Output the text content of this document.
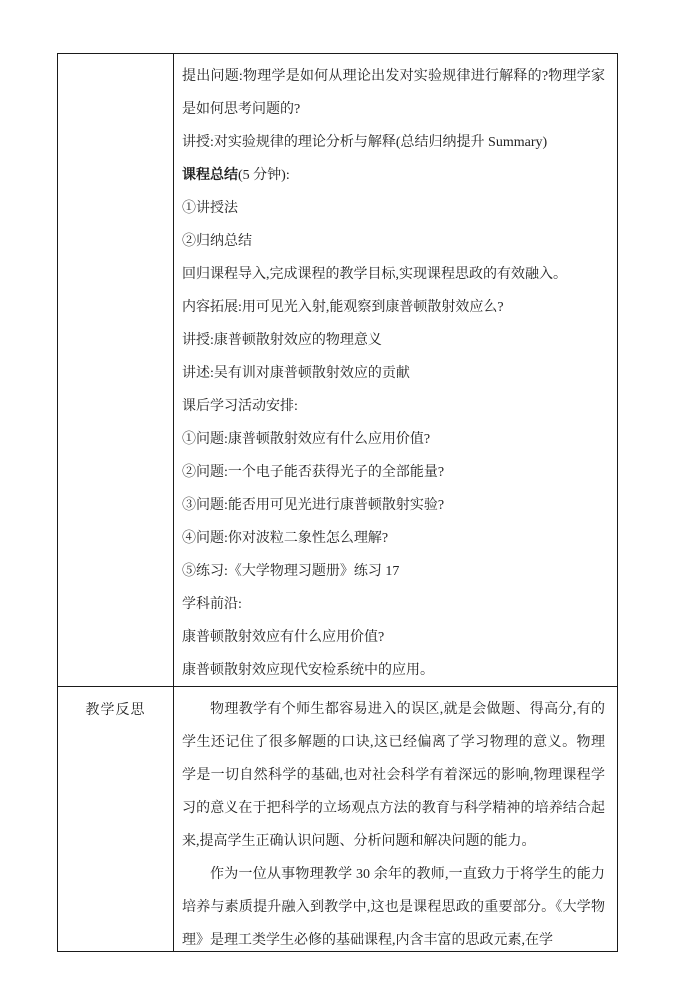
提出问题:物理学是如何从理论出发对实验规律进行解释的?物理学家是如何思考问题的?

讲授:对实验规律的理论分析与解释(总结归纳提升 Summary)

课程总结(5 分钟):

①讲授法

②归纳总结

回归课程导入,完成课程的教学目标,实现课程思政的有效融入。

内容拓展:用可见光入射,能观察到康普顿散射效应么?

讲授:康普顿散射效应的物理意义

讲述:吴有训对康普顿散射效应的贡献

课后学习活动安排:

①问题:康普顿散射效应有什么应用价值?

②问题:一个电子能否获得光子的全部能量?

③问题:能否用可见光进行康普顿散射实验?

④问题:你对波粒二象性怎么理解?

⑤练习:《大学物理习题册》练习 17

学科前沿:

康普顿散射效应有什么应用价值?

康普顿散射效应现代安检系统中的应用。

教学反思	物理教学有个师生都容易进入的误区,就是会做题、得高分,有的学生还记住了很多解题的口诀,这已经偏离了学习物理的意义。物理学是一切自然科学的基础,也对社会科学有着深远的影响,物理课程学习的意义在于把科学的立场观点方法的教育与科学精神的培养结合起来,提高学生正确认识问题、分析问题和解决问题的能力。

作为一位从事物理教学 30 余年的教师,一直致力于将学生的能力培养与素质提升融入到教学中,这也是课程思政的重要部分。《大学物理》是理工类学生必修的基础课程,内含丰富的思政元素,在学
